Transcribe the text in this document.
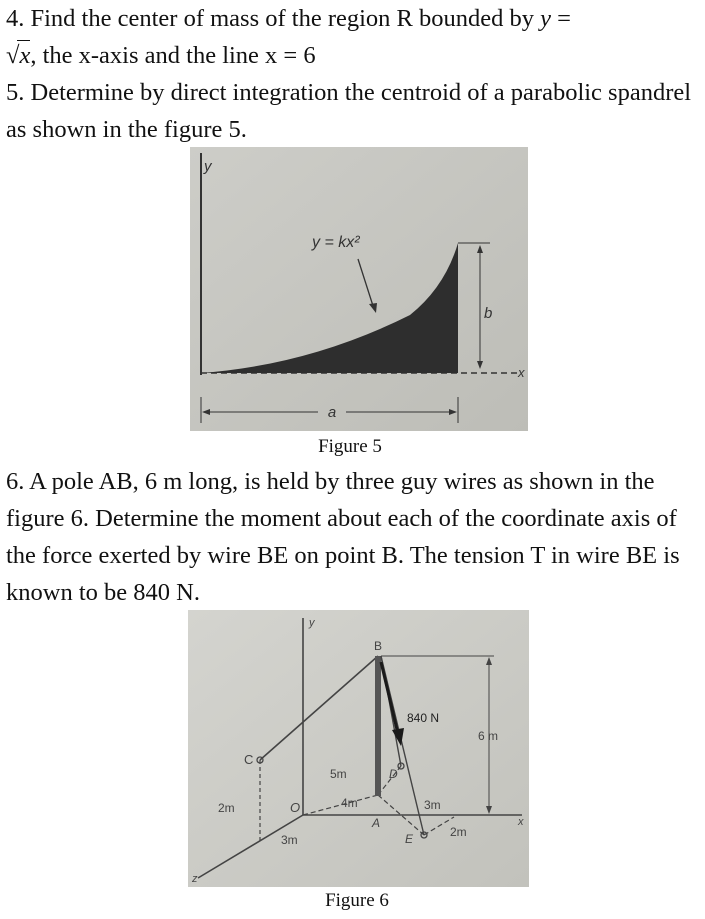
4. Find the center of mass of the region R bounded by y =
√x
, the x-axis and the line x = 6

5. Determine by direct integration the centroid of a parabolic spandrel as shown in the figure 5.

y
x
b
y = kx²
a
Figure 5

6. A pole AB, 6 m long, is held by three guy wires as shown in the figure 6. Determine the moment about each of the coordinate axis of the force exerted by wire BE on point B. The tension T in wire BE is known to be 840 N.

y
x
z
6 m
B
C
D
O
A
E
840 N
5m
4m	3m
2m
2m
3m
Figure 6
